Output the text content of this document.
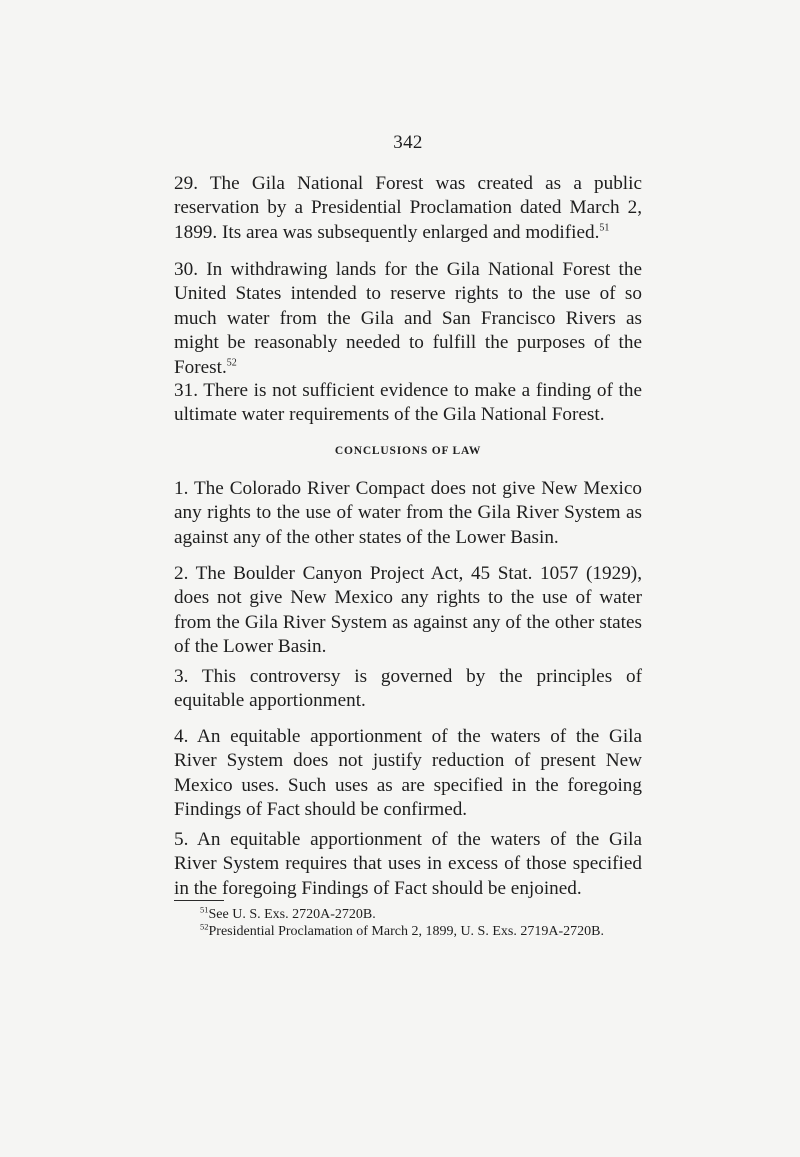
342

29. The Gila National Forest was created as a public reservation by a Presidential Proclamation dated March 2, 1899. Its area was subsequently enlarged and modified.$^{51}$

30. In withdrawing lands for the Gila National Forest the United States intended to reserve rights to the use of so much water from the Gila and San Francisco Rivers as might be reasonably needed to fulfill the purposes of the Forest.$^{52}$

31. There is not sufficient evidence to make a finding of the ultimate water requirements of the Gila National Forest.

CONCLUSIONS OF LAW

1. The Colorado River Compact does not give New Mexico any rights to the use of water from the Gila River System as against any of the other states of the Lower Basin.

2. The Boulder Canyon Project Act, 45 Stat. 1057 (1929), does not give New Mexico any rights to the use of water from the Gila River System as against any of the other states of the Lower Basin.

3. This controversy is governed by the principles of equitable apportionment.

4. An equitable apportionment of the waters of the Gila River System does not justify reduction of present New Mexico uses. Such uses as are specified in the foregoing Findings of Fact should be confirmed.

5. An equitable apportionment of the waters of the Gila River System requires that uses in excess of those specified in the foregoing Findings of Fact should be enjoined.

$^{51}$See U. S. Exs. 2720A-2720B.

$^{52}$Presidential Proclamation of March 2, 1899, U. S. Exs. 2719A-2720B.
